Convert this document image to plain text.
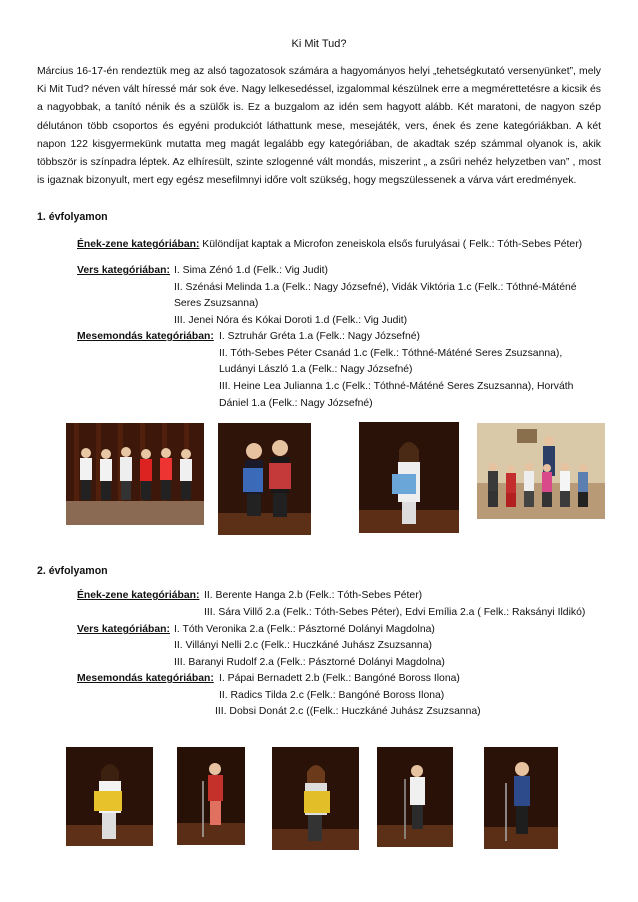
Ki Mit Tud?

Március 16-17-én rendeztük meg az alsó tagozatosok számára a hagyományos helyi „tehetségkutató versenyünket”, mely Ki Mit Tud? néven vált híressé már sok éve. Nagy lelkesedéssel, izgalommal készülnek erre a megmérettetésre a kicsik és a nagyobbak, a tanító nénik és a szülők is. Ez a buzgalom az idén sem hagyott alább. Két maratoni, de nagyon szép délutánon több csoportos és egyéni produkciót láthattunk mese, mesejáték, vers, ének és zene kategóriákban. A két napon 122 kisgyermekünk mutatta meg magát legalább egy kategóriában, de akadtak szép számmal olyanok is, akik többször is színpadra léptek. Az elhíresült, szinte szlogenné vált mondás, miszerint „ a zsűri nehéz helyzetben van” , most is igaznak bizonyult, mert egy egész mesefilmnyi időre volt szükség, hogy megszülessenek a várva várt eredmények.

1. évfolyamon
Ének-zene kategóriában: Különdíjat kaptak a Microfon zeneiskola elsős furulyásai ( Felk.: Tóth-Sebes Péter)
Vers kategóriában: I. Sima Zénó 1.d (Felk.: Vig Judit)
II. Szénási Melinda 1.a (Felk.: Nagy Józsefné), Vidák Viktória 1.c (Felk.: Tóthné-Máténé
Seres Zsuzsanna)
III. Jenei Nóra és Kókai Doroti 1.d (Felk.: Vig Judit)
Mesemondás kategóriában: I. Sztruhár Gréta 1.a (Felk.: Nagy Józsefné)
II. Tóth-Sebes Péter Csanád 1.c (Felk.: Tóthné-Máténé Seres Zsuzsanna),
Ludányi László 1.a (Felk.: Nagy Józsefné)
III. Heine Lea Julianna 1.c (Felk.: Tóthné-Máténé Seres Zsuzsanna), Horváth
Dániel 1.a (Felk.: Nagy Józsefné)
2. évfolyamon
Ének-zene kategóriában: II. Berente Hanga 2.b (Felk.: Tóth-Sebes Péter)
III. Sára Villő 2.a (Felk.: Tóth-Sebes Péter), Edvi Emília 2.a ( Felk.: Raksányi Ildikó)
Vers kategóriában: I. Tóth Veronika 2.a (Felk.: Pásztorné Dolányi Magdolna)
II. Villányi Nelli 2.c (Felk.: Huczkáné Juhász Zsuzsanna)
III. Baranyi Rudolf 2.a (Felk.: Pásztorné Dolányi Magdolna)
Mesemondás kategóriában: I. Pápai Bernadett 2.b (Felk.: Bangóné Boross Ilona)
II. Radics Tilda 2.c (Felk.: Bangóné Boross Ilona)
III. Dobsi Donát 2.c ((Felk.: Huczkáné Juhász Zsuzsanna)
